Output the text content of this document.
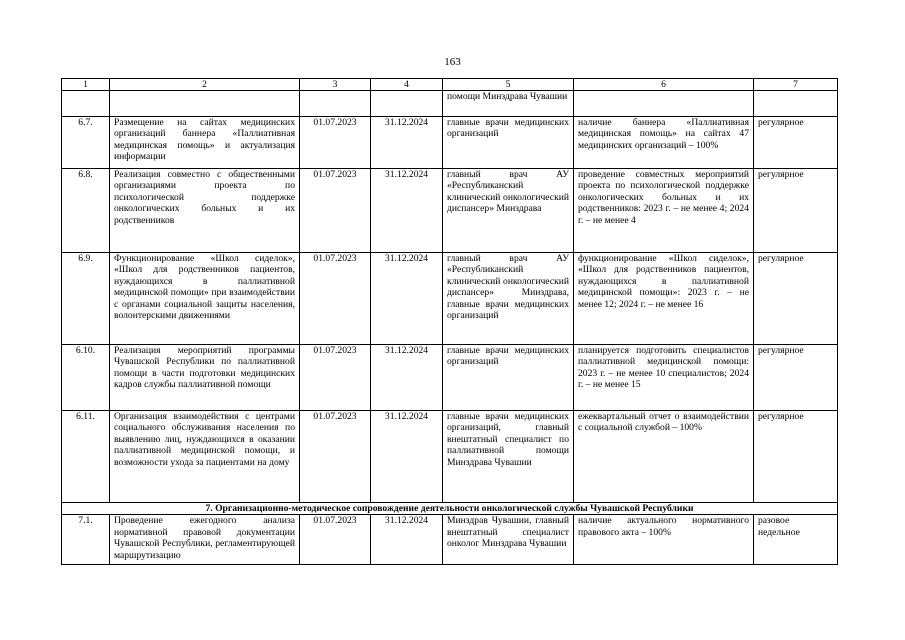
163
1	2	3	4	5	6	7
				помощи Минздрава Чувашии		
6.7.	Размещение на сайтах медицинских организаций баннера «Паллиативная медицинская помощь» и актуализация информации	01.07.2023	31.12.2024	главные врачи медицинских организаций	наличие баннера «Паллиативная медицинская помощь» на сайтах 47 медицинских организаций – 100%	регулярное
6.8.	Реализация совместно с общественными организациями проекта по психологической поддержке онкологических больных и их родственников	01.07.2023	31.12.2024	главный врач АУ «Республиканский клинический онкологический диспансер» Минздрава	проведение совместных мероприятий проекта по психологической поддержке онкологических больных и их родственников: 2023 г. – не менее 4; 2024 г. – не менее 4	регулярное
6.9.	Функционирование «Школ сиделок», «Школ для родственников пациентов, нуждающихся в паллиативной медицинской помощи» при взаимодействии с органами социальной защиты населения, волонтерскими движениями	01.07.2023	31.12.2024	главный врач АУ «Республиканский клинический онкологический диспансер» Минздрава, главные врачи медицинских организаций	функционирование «Школ сиделок», «Школ для родственников пациентов, нуждающихся в паллиативной медицинской помощи»: 2023 г. – не менее 12; 2024 г. – не менее 16	регулярное
6.10.	Реализация мероприятий программы Чувашской Республики по паллиативной помощи в части подготовки медицинских кадров службы паллиативной помощи	01.07.2023	31.12.2024	главные врачи медицинских организаций	планируется подготовить специалистов паллиативной медицинской помощи: 2023 г. – не менее 10 специалистов; 2024 г. – не менее 15	регулярное
6.11.	Организация взаимодействия с центрами социального обслуживания населения по выявлению лиц, нуждающихся в оказании паллиативной медицинской помощи, и возможности ухода за пациентами на дому	01.07.2023	31.12.2024	главные врачи медицинских организаций, главный внештатный специалист по паллиативной помощи Минздрава Чувашии	ежеквартальный отчет о взаимодействии с социальной службой – 100%	регулярное
7. Организационно-методическое сопровождение деятельности онкологической службы Чувашской Республики						
7.1.	Проведение ежегодного анализа нормативной правовой документации Чувашской Республики, регламентирующей маршрутизацию	01.07.2023	31.12.2024	Минздрав Чувашии, главный внештатный специалист онколог Минздрава Чувашии	наличие актуального нормативного правового акта – 100%	разовое недельное
